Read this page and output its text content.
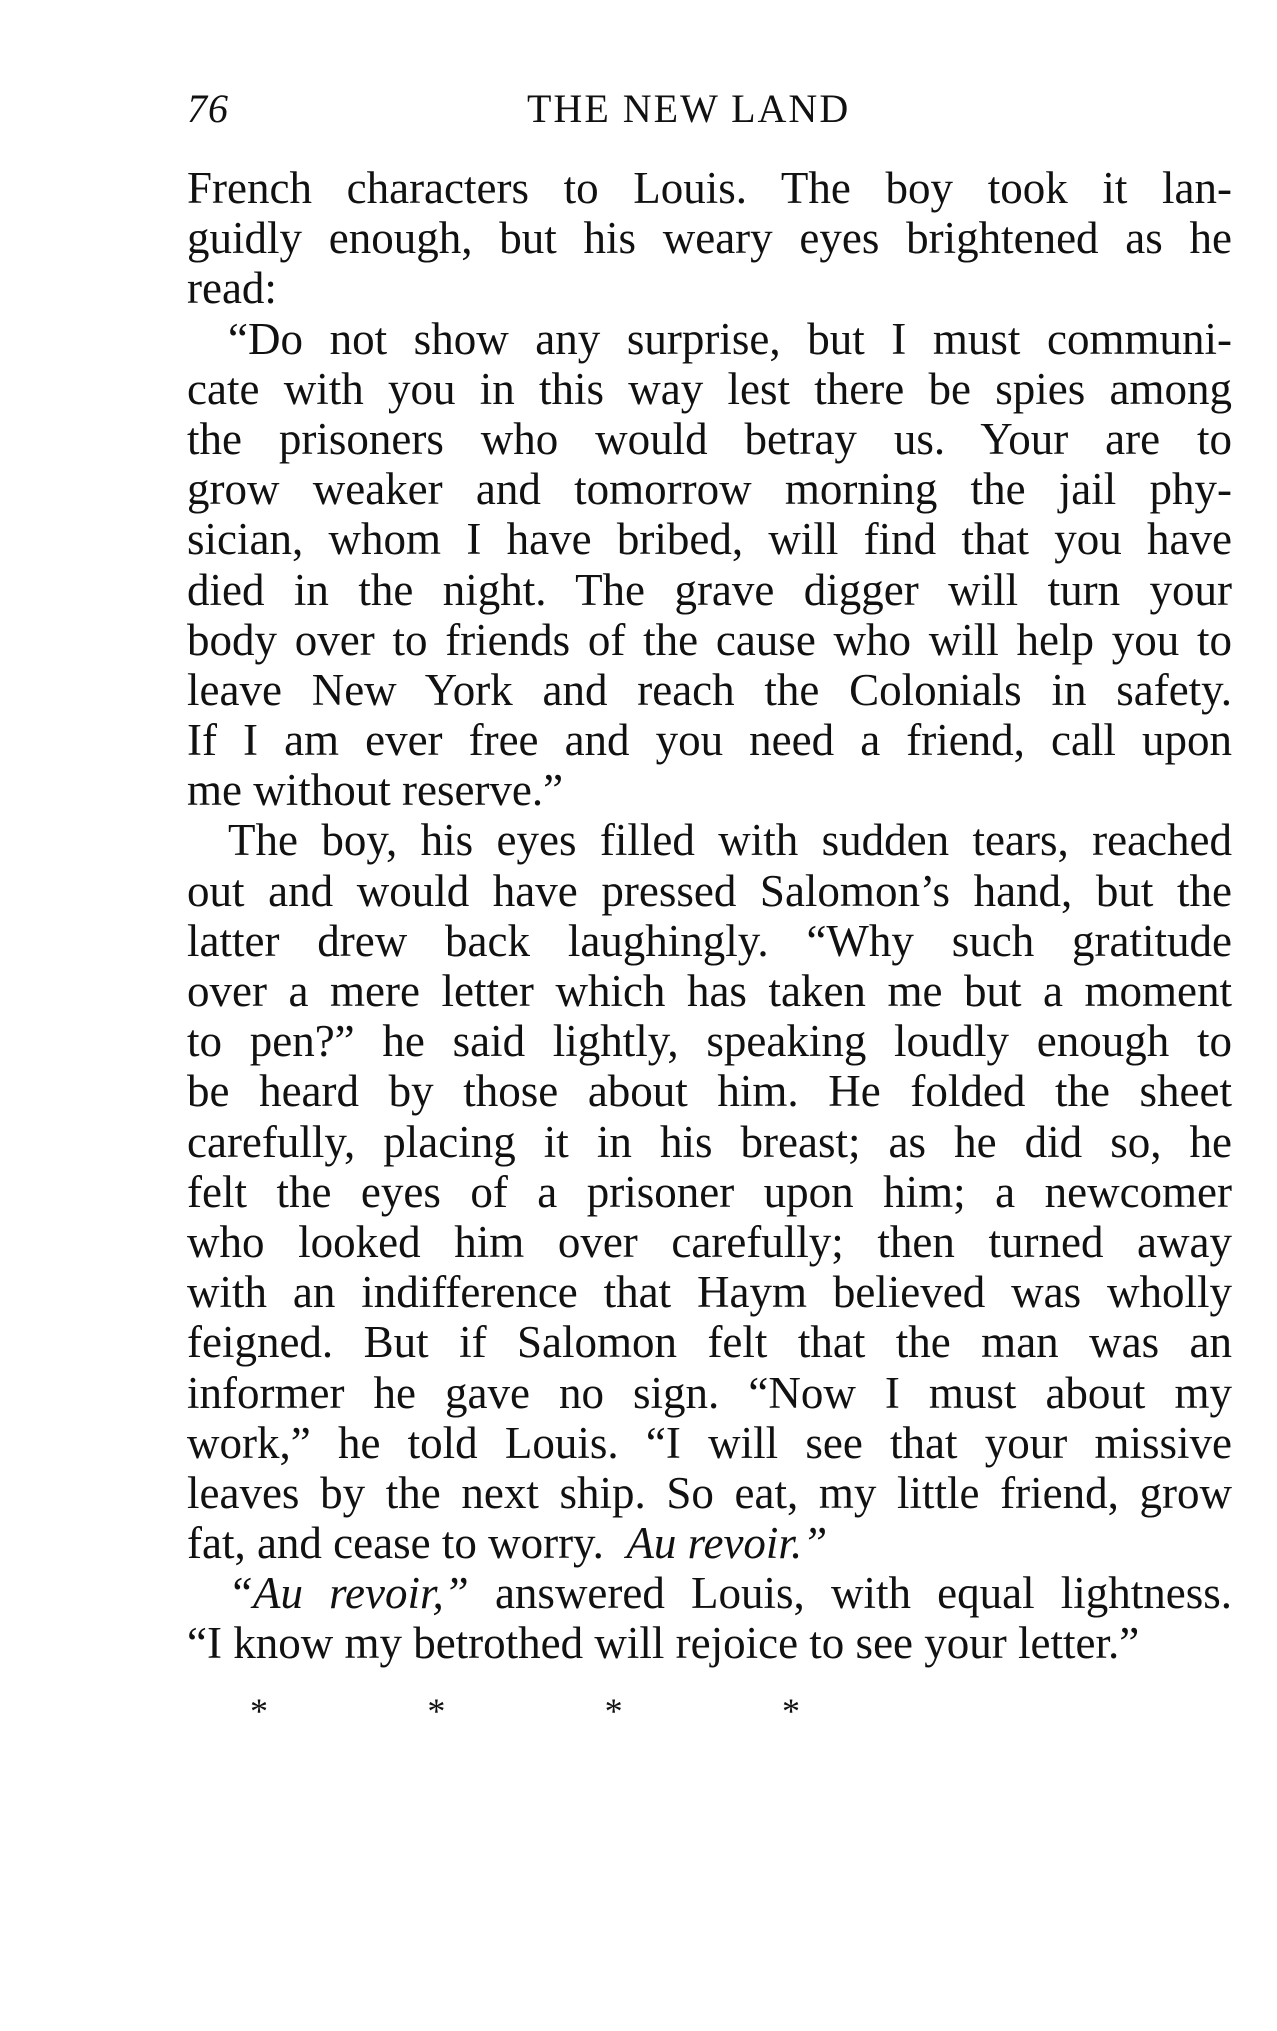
76	THE NEW LAND
French characters to Louis. The boy took it lan-
guidly enough, but his weary eyes brightened as he
read:
“Do not show any surprise, but I must communi-
cate with you in this way lest there be spies among
the prisoners who would betray us. Your are to
grow weaker and tomorrow morning the jail phy-
sician, whom I have bribed, will find that you have
died in the night. The grave digger will turn your
body over to friends of the cause who will help you to
leave New York and reach the Colonials in safety.
If I am ever free and you need a friend, call upon
me without reserve.”
The boy, his eyes filled with sudden tears, reached
out and would have pressed Salomon’s hand, but the
latter drew back laughingly. “Why such gratitude
over a mere letter which has taken me but a moment
to pen?” he said lightly, speaking loudly enough to
be heard by those about him. He folded the sheet
carefully, placing it in his breast; as he did so, he
felt the eyes of a prisoner upon him; a newcomer
who looked him over carefully; then turned away
with an indifference that Haym believed was wholly
feigned. But if Salomon felt that the man was an
informer he gave no sign. “Now I must about my
work,” he told Louis. “I will see that your missive
leaves by the next ship. So eat, my little friend, grow
fat, and cease to worry. Au revoir.”
“Au revoir,” answered Louis, with equal lightness.
“I know my betrothed will rejoice to see your letter.”
*	*	*	*
